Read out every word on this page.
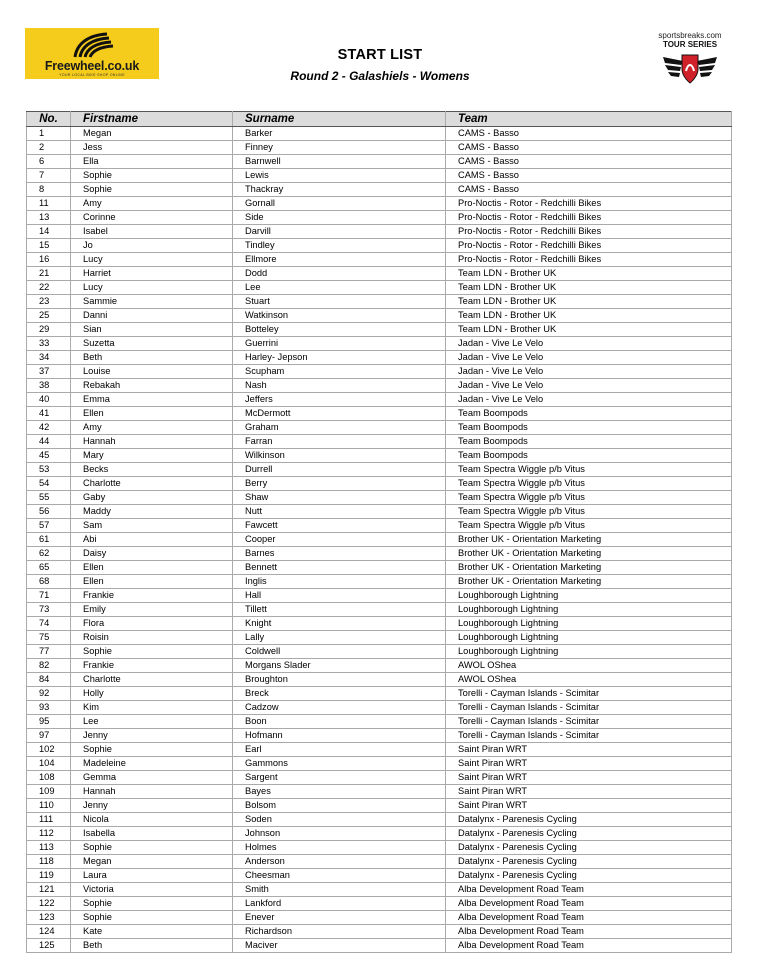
Freewheel.co.uk
YOUR LOCAL BIKE SHOP ONLINE
START LIST
Round 2 - Galashiels - Womens
sportsbreaks.com
TOUR SERIES
No.	Firstname	Surname	Team
1	Megan	Barker	CAMS - Basso
2	Jess	Finney	CAMS - Basso
6	Ella	Barnwell	CAMS - Basso
7	Sophie	Lewis	CAMS - Basso
8	Sophie	Thackray	CAMS - Basso
11	Amy	Gornall	Pro-Noctis - Rotor - Redchilli Bikes
13	Corinne	Side	Pro-Noctis - Rotor - Redchilli Bikes
14	Isabel	Darvill	Pro-Noctis - Rotor - Redchilli Bikes
15	Jo	Tindley	Pro-Noctis - Rotor - Redchilli Bikes
16	Lucy	Ellmore	Pro-Noctis - Rotor - Redchilli Bikes
21	Harriet	Dodd	Team LDN - Brother UK
22	Lucy	Lee	Team LDN - Brother UK
23	Sammie	Stuart	Team LDN - Brother UK
25	Danni	Watkinson	Team LDN - Brother UK
29	Sian	Botteley	Team LDN - Brother UK
33	Suzetta	Guerrini	Jadan - Vive Le Velo
34	Beth	Harley- Jepson	Jadan - Vive Le Velo
37	Louise	Scupham	Jadan - Vive Le Velo
38	Rebakah	Nash	Jadan - Vive Le Velo
40	Emma	Jeffers	Jadan - Vive Le Velo
41	Ellen	McDermott	Team Boompods
42	Amy	Graham	Team Boompods
44	Hannah	Farran	Team Boompods
45	Mary	Wilkinson	Team Boompods
53	Becks	Durrell	Team Spectra Wiggle p/b Vitus
54	Charlotte	Berry	Team Spectra Wiggle p/b Vitus
55	Gaby	Shaw	Team Spectra Wiggle p/b Vitus
56	Maddy	Nutt	Team Spectra Wiggle p/b Vitus
57	Sam	Fawcett	Team Spectra Wiggle p/b Vitus
61	Abi	Cooper	Brother UK - Orientation Marketing
62	Daisy	Barnes	Brother UK - Orientation Marketing
65	Ellen	Bennett	Brother UK - Orientation Marketing
68	Ellen	Inglis	Brother UK - Orientation Marketing
71	Frankie	Hall	Loughborough Lightning
73	Emily	Tillett	Loughborough Lightning
74	Flora	Knight	Loughborough Lightning
75	Roisin	Lally	Loughborough Lightning
77	Sophie	Coldwell	Loughborough Lightning
82	Frankie	Morgans Slader	AWOL OShea
84	Charlotte	Broughton	AWOL OShea
92	Holly	Breck	Torelli - Cayman Islands - Scimitar
93	Kim	Cadzow	Torelli - Cayman Islands - Scimitar
95	Lee	Boon	Torelli - Cayman Islands - Scimitar
97	Jenny	Hofmann	Torelli - Cayman Islands - Scimitar
102	Sophie	Earl	Saint Piran WRT
104	Madeleine	Gammons	Saint Piran WRT
108	Gemma	Sargent	Saint Piran WRT
109	Hannah	Bayes	Saint Piran WRT
110	Jenny	Bolsom	Saint Piran WRT
111	Nicola	Soden	Datalynx - Parenesis Cycling
112	Isabella	Johnson	Datalynx - Parenesis Cycling
113	Sophie	Holmes	Datalynx - Parenesis Cycling
118	Megan	Anderson	Datalynx - Parenesis Cycling
119	Laura	Cheesman	Datalynx - Parenesis Cycling
121	Victoria	Smith	Alba Development Road Team
122	Sophie	Lankford	Alba Development Road Team
123	Sophie	Enever	Alba Development Road Team
124	Kate	Richardson	Alba Development Road Team
125	Beth	Maciver	Alba Development Road Team
